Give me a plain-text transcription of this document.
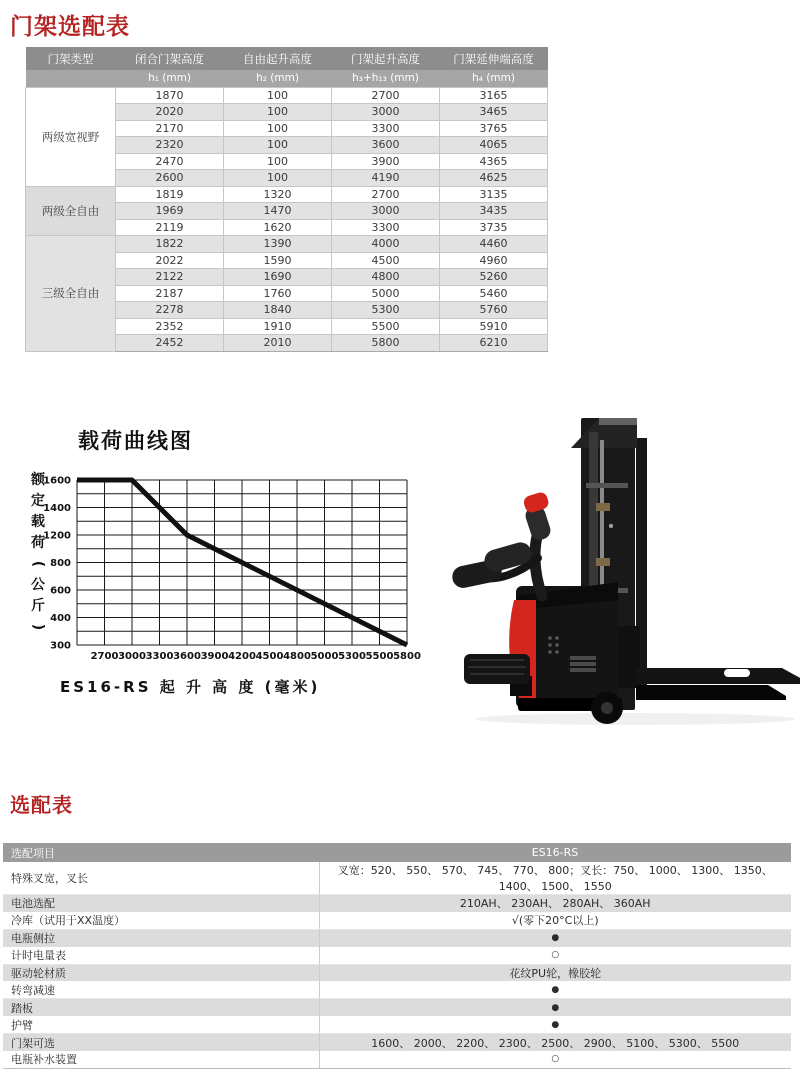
门架选配表
门架类型	闭合门架高度	自由起升高度	门架起升高度	门架延伸端高度
	h₁ (mm)	h₂ (mm)	h₃+h₁₃ (mm)	h₄ (mm)
两级宽视野	1870	100	2700	3165
	2020	100	3000	3465
	2170	100	3300	3765
	2320	100	3600	4065
	2470	100	3900	4365
	2600	100	4190	4625
两级全自由	1819	1320	2700	3135
	1969	1470	3000	3435
	2119	1620	3300	3735
三级全自由	1822	1390	4000	4460
	2022	1590	4500	4960
	2122	1690	4800	5260
	2187	1760	5000	5460
	2278	1840	5300	5760
	2352	1910	5500	5910
	2452	2010	5800	6210
2700 3000 3300 3600 3900 4200 4500 4800 5000 5300 5500 5800
1600
1400
1200
800
600
400
300
载荷曲线图
ES16-RS 起 升 高 度 (毫米)
额
定
载
荷
(
公
斤
)
选配表
选配项目	ES16-RS
特殊叉宽，叉长	叉宽：520、 550、 570、 745、 770、 800；叉长：750、 1000、 1300、 1350、 1400、 1500、 1550
电池选配	210AH、 230AH、 280AH、 360AH
冷库（试用于XX温度）	√(零下20°C以上)
电瓶侧拉	●
计时电量表	○
驱动轮材质	花纹PU轮，橡胶轮
转弯减速	●
踏板	●
护臂	●
门架可选	1600、 2000、 2200、 2300、 2500、 2900、 5100、 5300、 5500
电瓶补水装置	○
